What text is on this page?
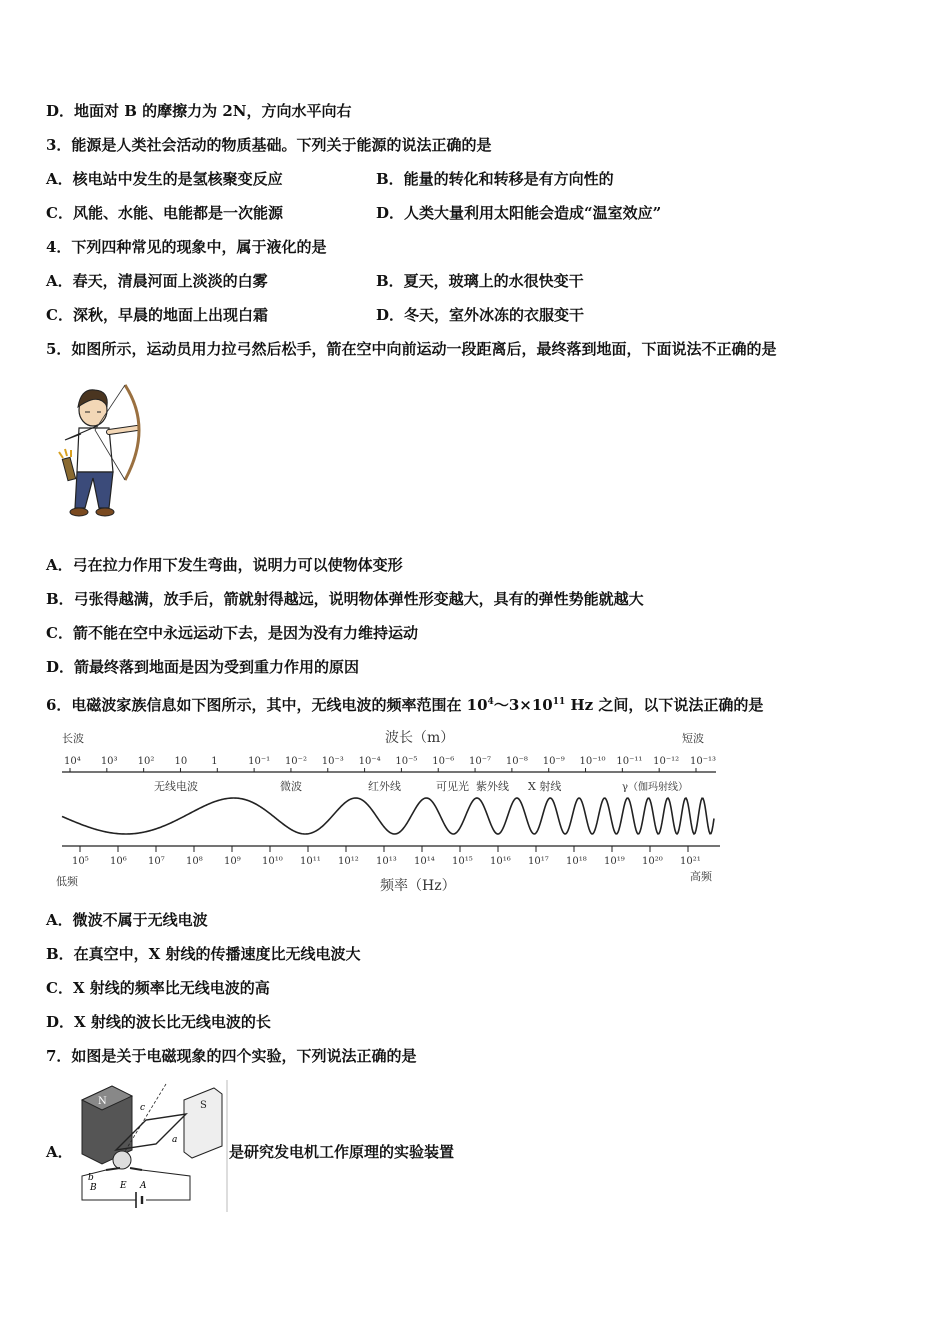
D．地面对 B 的摩擦力为 2N，方向水平向右
3．能源是人类社会活动的物质基础。下列关于能源的说法正确的是
A．核电站中发生的是氢核聚变反应	B．能量的转化和转移是有方向性的
C．风能、水能、电能都是一次能源	D．人类大量利用太阳能会造成“温室效应”
4．下列四种常见的现象中，属于液化的是
A．春天，清晨河面上淡淡的白雾	B．夏天，玻璃上的水很快变干
C．深秋，早晨的地面上出现白霜	D．冬天，室外冰冻的衣服变干
5．如图所示，运动员用力拉弓然后松手，箭在空中向前运动一段距离后，最终落到地面，下面说法不正确的是
A．弓在拉力作用下发生弯曲，说明力可以使物体变形
B．弓张得越满，放手后，箭就射得越远，说明物体弹性形变越大，具有的弹性势能就越大
C．箭不能在空中永远运动下去，是因为没有力维持运动
D．箭最终落到地面是因为受到重力作用的原因
6．电磁波家族信息如下图所示，其中，无线电波的频率范围在 $10^4\sim 3\times 10^{11}$ Hz 之间，以下说法正确的是
长波	波长（m）	短波
10⁴ 10³ 10² 10 1	10⁻¹ 10⁻² 10⁻³ 10⁻⁴ 10⁻⁵ 10⁻⁶ 10⁻⁷ 10⁻⁸ 10⁻⁹ 10⁻¹⁰ 10⁻¹¹ 10⁻¹² 10⁻¹³
无线电波	微波	红外线	可见光 紫外线 X 射线	γ（伽玛射线）
10⁵ 10⁶ 10⁷ 10⁸ 10⁹ 10¹⁰ 10¹¹ 10¹² 10¹³ 10¹⁴ 10¹⁵ 10¹⁶ 10¹⁷ 10¹⁸ 10¹⁹ 10²⁰ 10²¹
低频	频率（Hz）
高频
A．微波不属于无线电波
B．在真空中，X 射线的传播速度比无线电波大
C．X 射线的频率比无线电波的高
D．X 射线的波长比无线电波的长
7．如图是关于电磁现象的四个实验，下列说法正确的是
A．
N	S
c
a
b
B	E A
是研究发电机工作原理的实验装置
